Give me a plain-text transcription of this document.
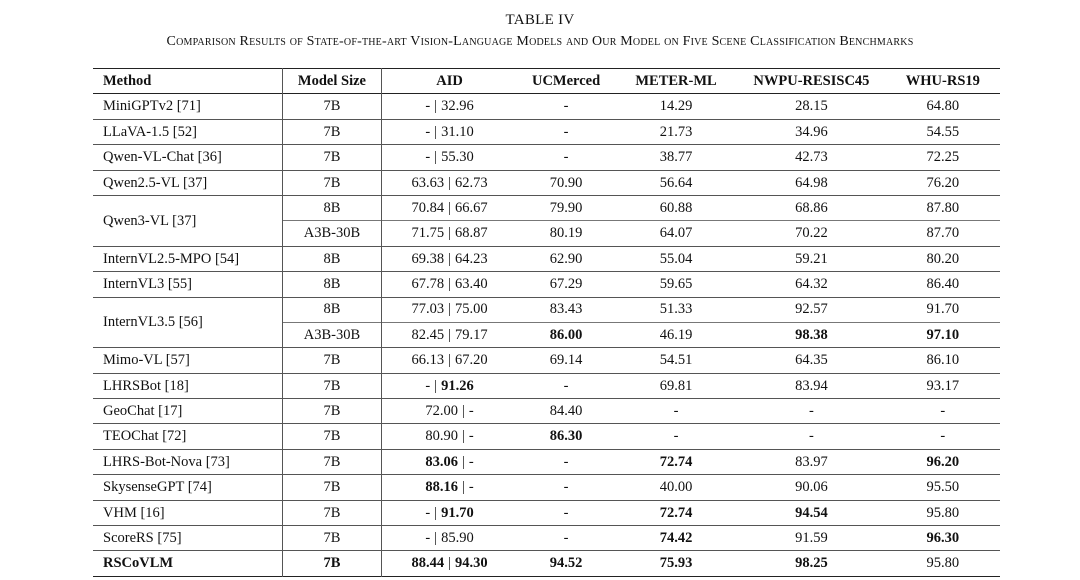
TABLE IV
Comparison Results of State-of-the-art Vision-Language Models and Our Model on Five Scene Classification Benchmarks
Method	Model Size	AID	UCMerced	METER-ML	NWPU-RESISC45	WHU-RS19
MiniGPTv2 [71]	7B	- | 32.96	-	14.29	28.15	64.80
LLaVA-1.5 [52]	7B	- | 31.10	-	21.73	34.96	54.55
Qwen-VL-Chat [36]	7B	- | 55.30	-	38.77	42.73	72.25
Qwen2.5-VL [37]	7B	63.63 | 62.73	70.90	56.64	64.98	76.20
Qwen3-VL [37]	8B	70.84 | 66.67	79.90	60.88	68.86	87.80
	A3B-30B	71.75 | 68.87	80.19	64.07	70.22	87.70
InternVL2.5-MPO [54]	8B	69.38 | 64.23	62.90	55.04	59.21	80.20
InternVL3 [55]	8B	67.78 | 63.40	67.29	59.65	64.32	86.40
InternVL3.5 [56]	8B	77.03 | 75.00	83.43	51.33	92.57	91.70
	A3B-30B	82.45 | 79.17	86.00	46.19	98.38	97.10
Mimo-VL [57]	7B	66.13 | 67.20	69.14	54.51	64.35	86.10
LHRSBot [18]	7B	- | 91.26	-	69.81	83.94	93.17
GeoChat [17]	7B	72.00 | -	84.40	-	-	-
TEOChat [72]	7B	80.90 | -	86.30	-	-	-
LHRS-Bot-Nova [73]	7B	83.06 | -	-	72.74	83.97	96.20
SkysenseGPT [74]	7B	88.16 | -	-	40.00	90.06	95.50
VHM [16]	7B	- | 91.70	-	72.74	94.54	95.80
ScoreRS [75]	7B	- | 85.90	-	74.42	91.59	96.30
RSCoVLM	7B	88.44 | 94.30	94.52	75.93	98.25	95.80
